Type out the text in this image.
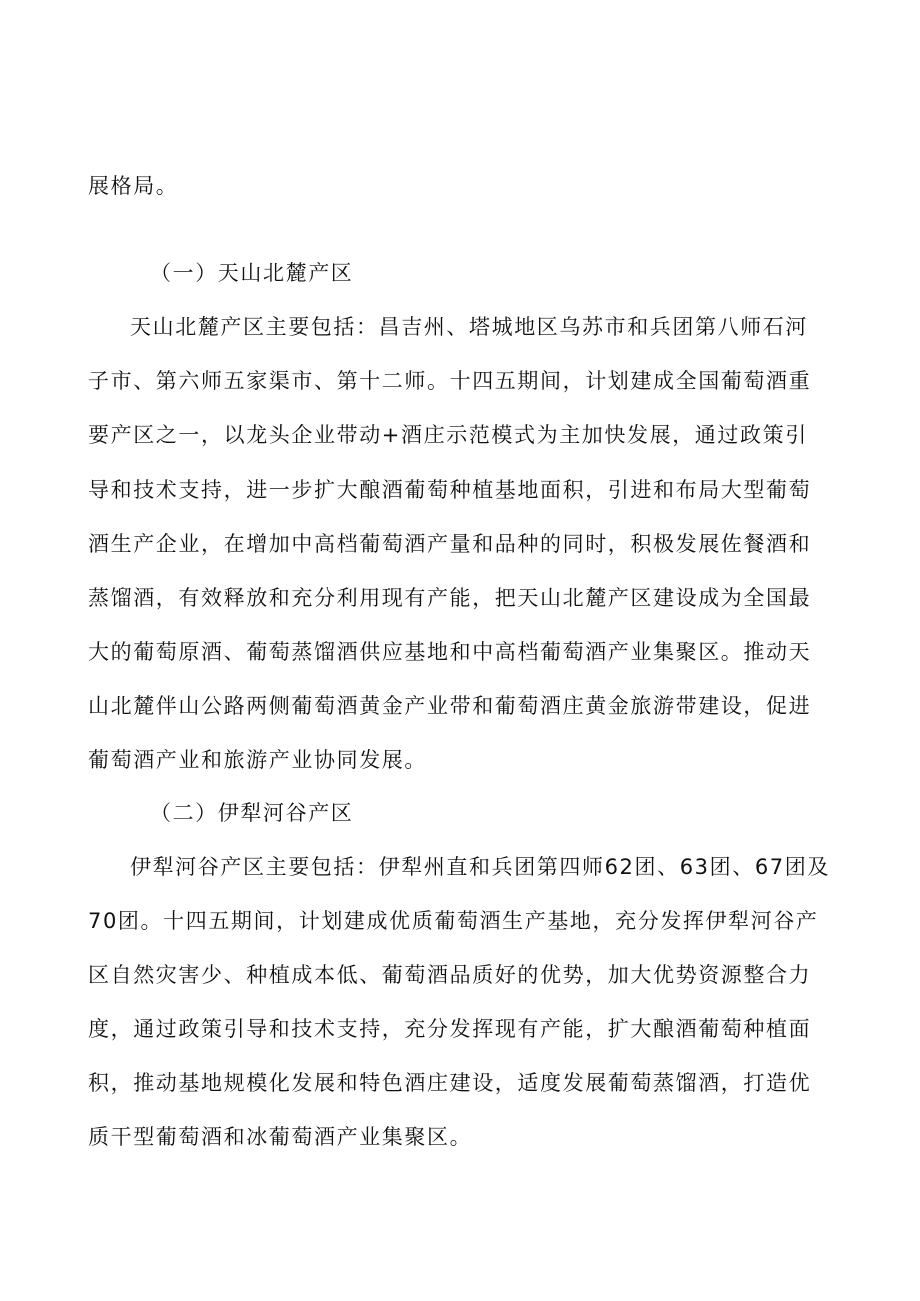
展格局。
（一）天山北麓产区
天山北麓产区主要包括：昌吉州、塔城地区乌苏市和兵团第八师石河
子市、第六师五家渠市、第十二师。十四五期间，计划建成全国葡萄酒重
要产区之一，以龙头企业带动+酒庄示范模式为主加快发展，通过政策引
导和技术支持，进一步扩大酿酒葡萄种植基地面积，引进和布局大型葡萄
酒生产企业，在增加中高档葡萄酒产量和品种的同时，积极发展佐餐酒和
蒸馏酒，有效释放和充分利用现有产能，把天山北麓产区建设成为全国最
大的葡萄原酒、葡萄蒸馏酒供应基地和中高档葡萄酒产业集聚区。推动天
山北麓伴山公路两侧葡萄酒黄金产业带和葡萄酒庄黄金旅游带建设，促进
葡萄酒产业和旅游产业协同发展。
（二）伊犁河谷产区
伊犁河谷产区主要包括：伊犁州直和兵团第四师62团、63团、67团及
70团。十四五期间，计划建成优质葡萄酒生产基地，充分发挥伊犁河谷产
区自然灾害少、种植成本低、葡萄酒品质好的优势，加大优势资源整合力
度，通过政策引导和技术支持，充分发挥现有产能，扩大酿酒葡萄种植面
积，推动基地规模化发展和特色酒庄建设，适度发展葡萄蒸馏酒，打造优
质干型葡萄酒和冰葡萄酒产业集聚区。
